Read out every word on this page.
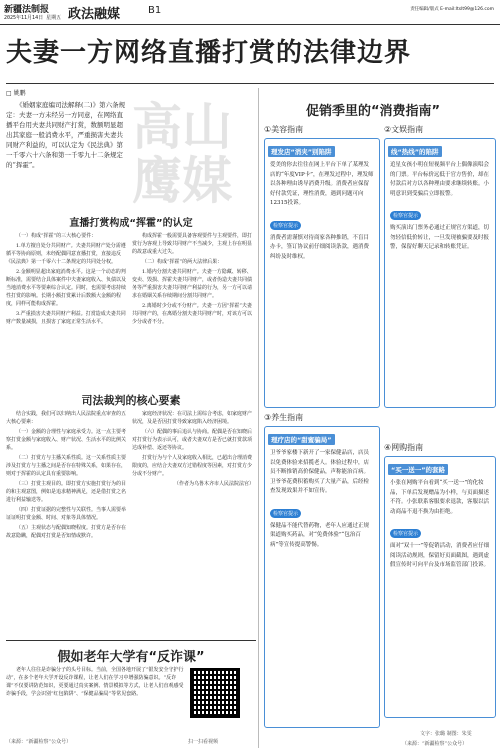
新疆法制报
2025年11月14日 星期五 政法融媒	B1	责任编辑/版式 E-mail:ltslt99@126.com
夫妻一方网络直播打赏的法律边界
□ 姚鹏

《婚姻家庭编司法解释(二)》第六条规定：夫妻一方未经另一方同意，在网络直播平台用夫妻共同财产打赏，数额明显超出其家庭一般消费水平，严重损害夫妻共同财产利益的，可以认定为《民法典》第一千零六十六条和第一千零九十二条规定的“挥霍”。

高山 鹰媒
直播打赏构成“挥霍”的认定

（一）构成“挥霍”的三大核心要件：

1.单方擅自处分共同财产。夫妻共同财产处分需遵循平等协商原则，未经配偶同意直播打赏，直接违反《民法典》第一千零六十二条规定的共同处分权。

2.金额明显超出家庭消费水平。这是一个动态的判断标准，需要结合具体案件中夫妻家庭收入、负债以及当地消费水平等要素综合认定。同时，也需要考虑持续性打赏的影响。长期小额打赏累计后数额大金额的程度，同样可能构成挥霍。

3.严重损害夫妻共同财产利益。打赏造成夫妻共同财产数量减损，且损害了家庭正常生活水平。

构成挥霍一般需要具备客观要件与主观要件，即打赏行为客观上导致共同财产不当减少，主观上存在明显的故意或重大过失。

（二）构成“挥霍”的两大法律后果：

1.婚内分割夫妻共同财产。夫妻一方隐藏、转移、变卖、毁损、挥霍夫妻共同财产，或者伪造夫妻共同债务等严重损害夫妻共同财产利益的行为，另一方可以请求在婚姻关系存续期间分割共同财产。

2.离婚时少分或不分财产。夫妻一方因“挥霍”夫妻共同财产的，在离婚分割夫妻共同财产时，对该方可以少分或者不分。

司法裁判的核心要素

结合实践，我们可以归纳出人民法院重点审查的五大核心要素：

（一）金额的合理性与家庭承受力。这一点主要考察打赏金额与家庭收入、财产状况、生活水平的比例关系。

（二）打赏方与主播关系性质。这一关系性质主要涉及打赏方与主播之间是否存在特殊关系，如果存在，则对于挥霍的认定具有重要影响。

（三）打赏主观目的。即打赏方实施打赏行为的目的和主观意图，例如是追求精神满足，还是借打赏之名进行利益输送等。

（四）打赏证据的完整性与关联性。当事人需要举证证明打赏金额、时间、对象等具体情况。

（五）主观状态与配偶知晓程度。打赏方是否存在故意隐瞒，配偶对打赏是否知情或默许。

家庭经济状况：在司法上需综合考虑，如家庭财产状况，及是否因打赏导致家庭陷入经济困境。

（六）配偶的事后追认与协商。配偶是否在知晓后对打赏行为表示认可，或者夫妻双方是否已就打赏款项达成补偿、返还等协议。

打赏行为与个人及家庭收入相比，已超出合理消费限度的，应结合夫妻双方过错程度等因素，对打赏方少分或不分财产。

（作者为乌鲁木齐市人民法院法官）

假如老年大学有“反诈课”

老年人往往是诈骗分子的头号目标。当前，全国各地开展了“银发安全守护行动”，在多个老年大学开设反诈课程，让老人们在学习中增强防骗意识。“反诈课”不仅要讲防范知识，更要通过真实案例、情景模拟等方式，让老人们直观感受诈骗手段，学会识别“红包陷阱”、“保健品骗局”等常见套路。

（来源：“新疆检察”公众号）	扫一扫看视频
促销季里的“消费指南”
①美容指南
理发店“消夹”别陷阱
爱美的你去往往在网上平台下单了某理发店的“年度VIP卡”，在理发过程中，理发师以各种理由诱导消费升级。消费者应保留好付款凭证，理性消费，遇到问题可向12315投诉。
检察官提示
消费者需谨慎对待商家各种推销，不盲目办卡，签订协议前仔细阅读条款，遇消费纠纷及时维权。
②文娱指南
线“热线”的陷阱
追星女孩小明在短视频平台上偶像演唱会的门票。平台标价远低于官方售价，却在付款后对方以各种理由要求继续转账。小明意识到受骗后立即报警。
检察官提示
购买演出门票务必通过正规官方渠道，切勿轻信低价转让，一旦发现被骗要及时报警，保留好聊天记录和转账凭证。
③养生指南
理疗店的“甜蜜骗局”
卫爷爷家楼下新开了一家保健品店，店员以免费体验来招揽老人。体验过程中，店员不断推销高价保健品，声称能治百病。卫爷爷花费积蓄购买了大量产品，后经检查发现效果并不如宣传。
检察官提示
保健品不能代替药物，老年人应通过正规渠道购买药品，对“免费体验”“包治百病”等宣传提高警惕。
④网购指南
“买一送一”的套路
小张在网购平台看到“买一送一”的化妆品，下单后发现赠品为小样，与页面描述不符。小张联系客服要求退款，客服以活动商品不退不换为由拒绝。
检察官提示
面对“双十一”等促销活动，消费者应仔细阅读活动规则，保留好页面截图，遇到虚假宣传时可向平台及市场监管部门投诉。
文字：张璐 制图：朱雯
（来源：“新疆检察”公众号）
